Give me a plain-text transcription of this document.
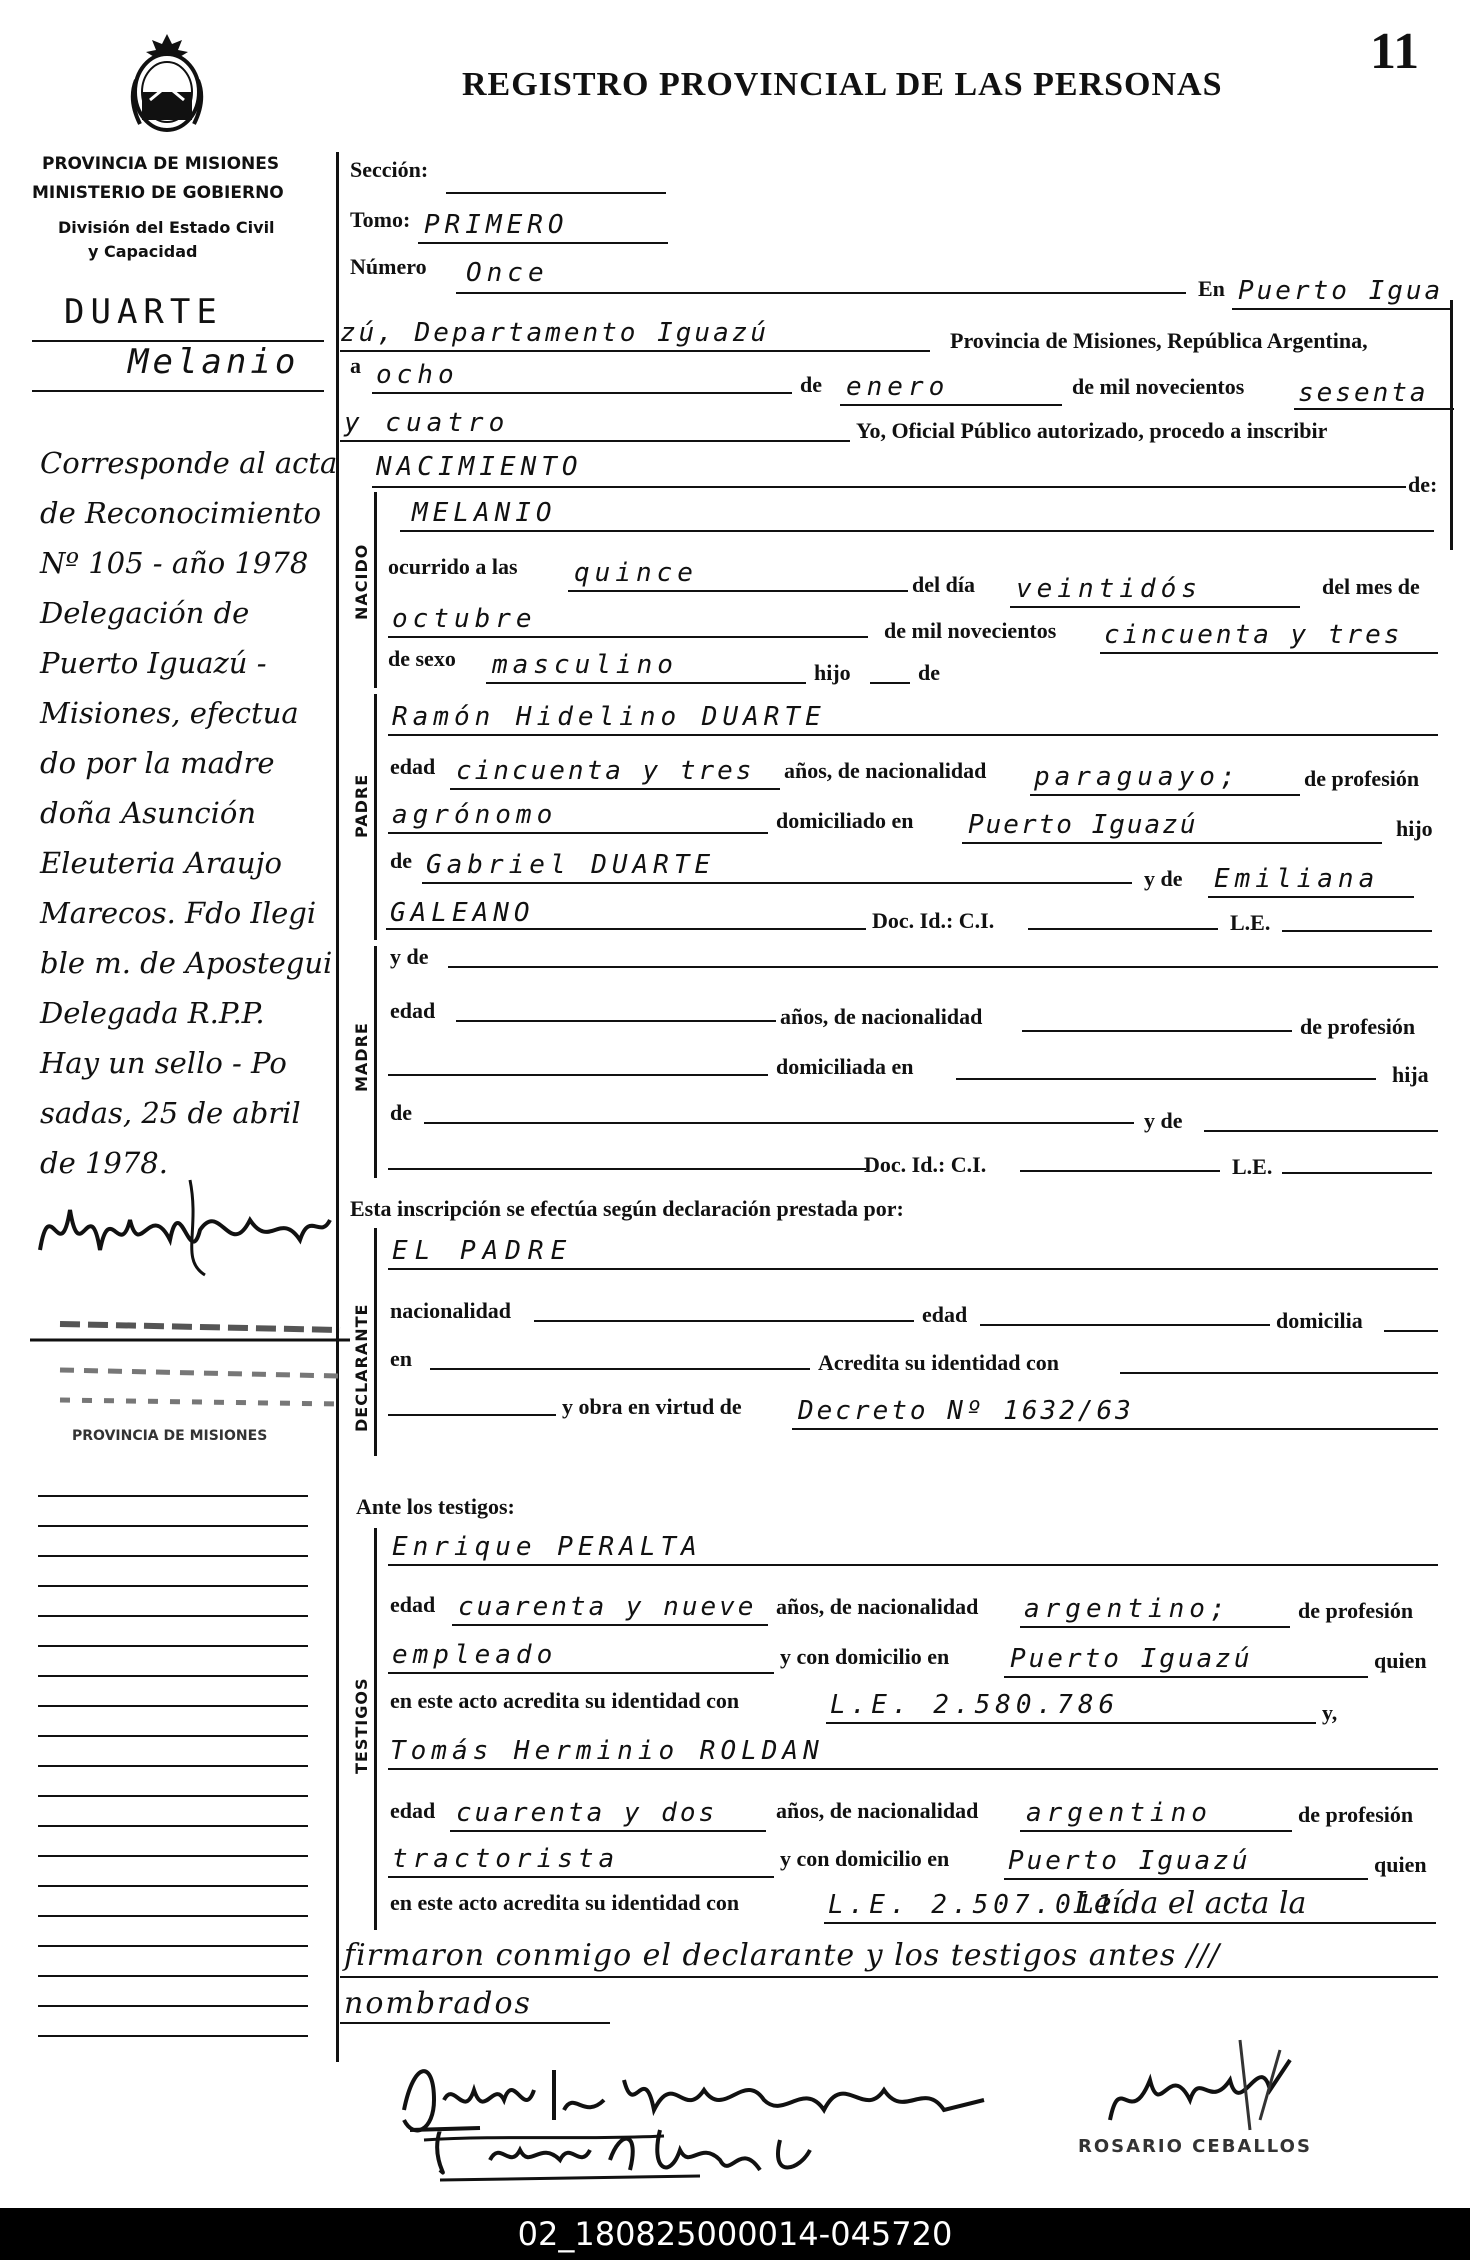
PROVINCIA DE MISIONES
MINISTERIO DE GOBIERNO
División del Estado Civil
y Capacidad
REGISTRO PROVINCIAL DE LAS PERSONAS
11
DUARTE
Melanio
Corresponde al acta
de Reconocimiento
Nº 105 - año 1978
Delegación de
Puerto Iguazú -
Misiones, efectua
do por la madre
doña Asunción
Eleuteria Araujo
Marecos. Fdo Ilegi
ble m. de Apostegui
Delegada R.P.P.
Hay un sello - Po
sadas, 25 de abril
de 1978.
PROVINCIA DE MISIONES
Sección:
Tomo: PRIMERO
Número Once
En Puerto Igua
zú, Departamento Iguazú	Provincia de Misiones, República Argentina,
a ocho	de enero	de mil novecientos sesenta
y cuatro	Yo, Oficial Público autorizado, procedo a inscribir
NACIMIENTO
de:
NACIDO
MELANIO
ocurrido a las quince	del día veintidós	del mes de
octubre	de mil novecientos cincuenta y tres
de sexo masculino	hijo	de
PADRE
Ramón Hidelino DUARTE
edad cincuenta y tres años, de nacionalidad paraguayo;	de profesión
agrónomo	domiciliado en Puerto Iguazú	hijo
de Gabriel DUARTE	y de Emiliana
GALEANO	Doc. Id.: C.I.	L.E.
MADRE
y de
edad	años, de nacionalidad	de profesión
domiciliada en	hija
de	y de
Doc. Id.: C.I.	L.E.
Esta inscripción se efectúa según declaración prestada por:
DECLARANTE
EL PADRE
nacionalidad	edad	domicilia
en	Acredita su identidad con
y obra en virtud de Decreto Nº 1632/63
Ante los testigos:
TESTIGOS
Enrique PERALTA
edad cuarenta y nueve años, de nacionalidad argentino;	de profesión
empleado	y con domicilio en Puerto Iguazú	quien
en este acto acredita su identidad con	L.E. 2.580.786	y,
Tomás Herminio ROLDAN
edad cuarenta y dos	años, de nacionalidad argentino	de profesión
tractorista	y con domicilio en Puerto Iguazú	quien
en este acto acredita su identidad con	L.E. 2.507.011.
Leída el acta la
firmaron conmigo el declarante y los testigos antes ///
nombrados
ROSARIO CEBALLOS
02_180825000014-045720
